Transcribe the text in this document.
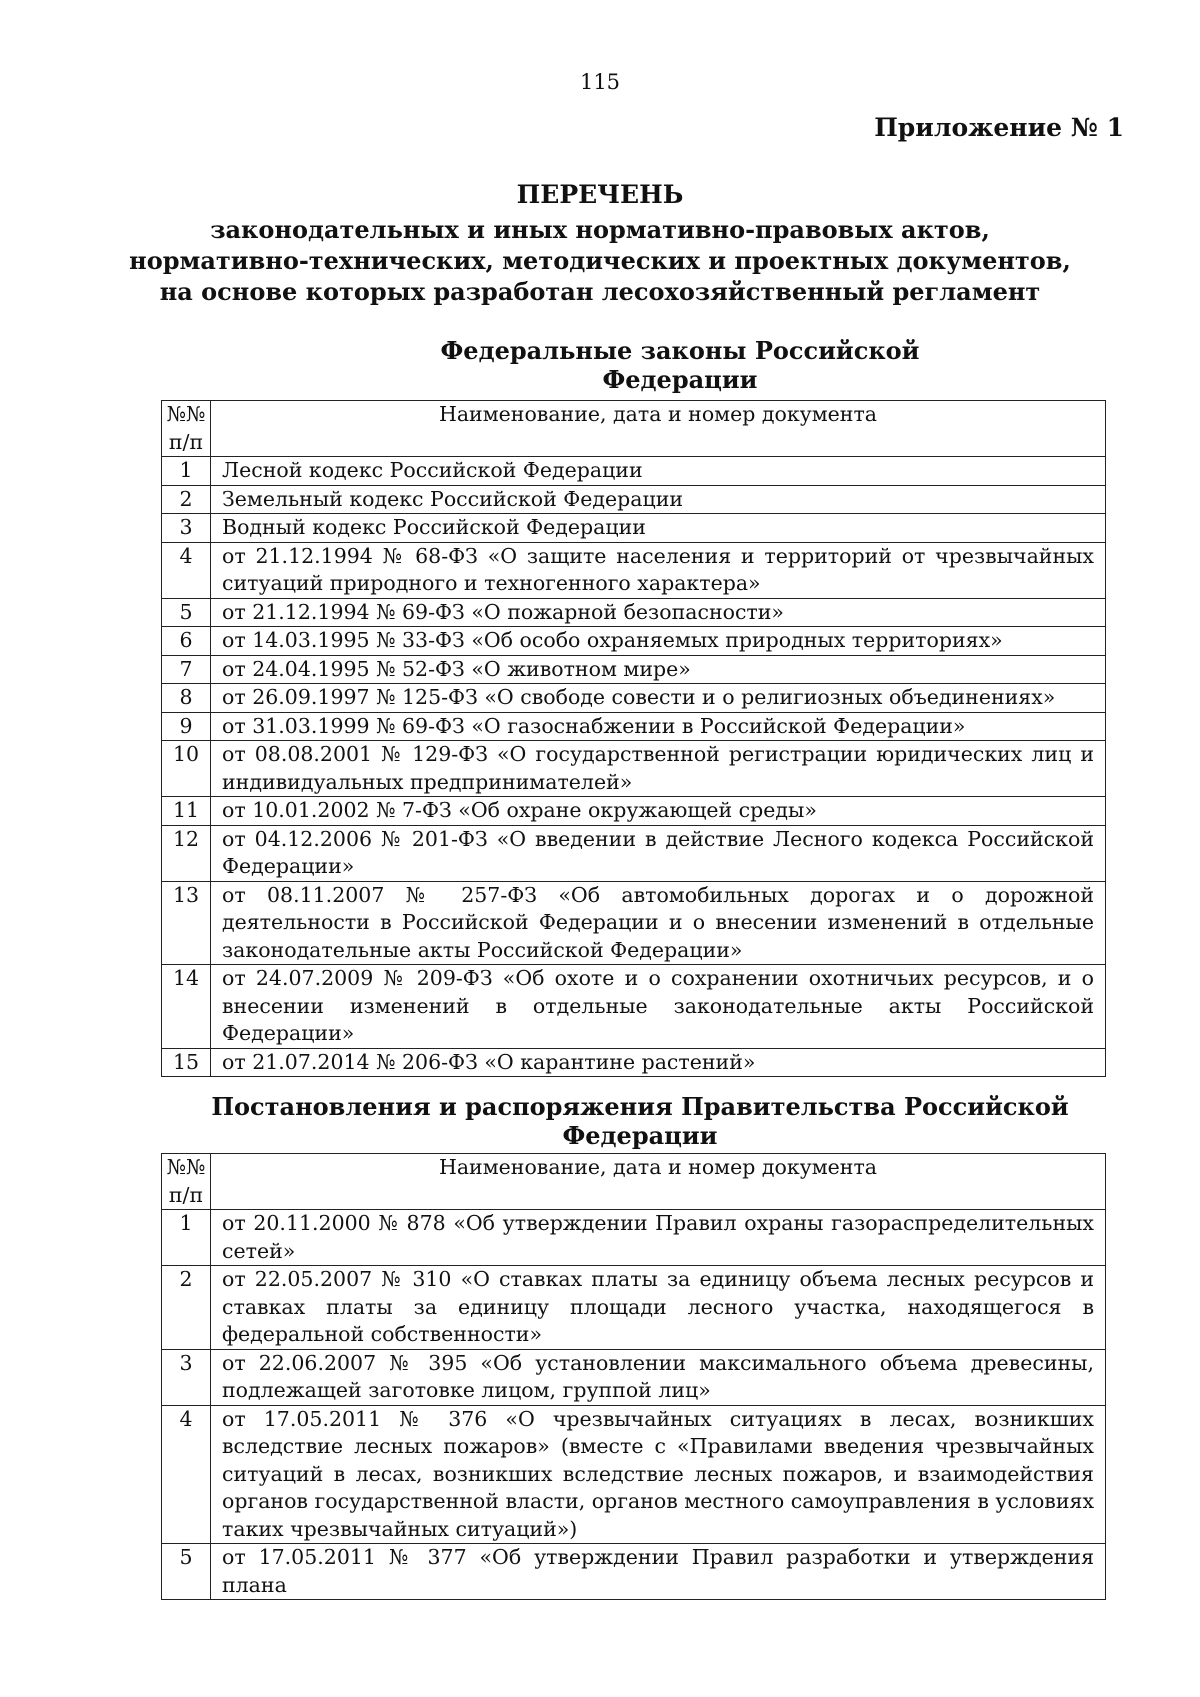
115
Приложение № 1
ПЕРЕЧЕНЬ
законодательных и иных нормативно-правовых актов,
нормативно-технических, методических и проектных документов,
на основе которых разработан лесохозяйственный регламент
Федеральные законы Российской Федерации
№№ п/п	Наименование, дата и номер документа
1	Лесной кодекс Российской Федерации
2	Земельный кодекс Российской Федерации
3	Водный кодекс Российской Федерации
4	от 21.12.1994 № 68-ФЗ «О защите населения и территорий от чрезвычайных ситуаций природного и техногенного характера»
5	от 21.12.1994 № 69-ФЗ «О пожарной безопасности»
6	от 14.03.1995 № 33-ФЗ «Об особо охраняемых природных территориях»
7	от 24.04.1995 № 52-ФЗ «О животном мире»
8	от 26.09.1997 № 125-ФЗ «О свободе совести и о религиозных объединениях»
9	от 31.03.1999 № 69-ФЗ «О газоснабжении в Российской Федерации»
10	от 08.08.2001 № 129-ФЗ «О государственной регистрации юридических лиц и индивидуальных предпринимателей»
11	от 10.01.2002 № 7-ФЗ «Об охране окружающей среды»
12	от 04.12.2006 № 201-ФЗ «О введении в действие Лесного кодекса Российской Федерации»
13	от 08.11.2007 № 257-ФЗ «Об автомобильных дорогах и о дорожной деятельности в Российской Федерации и о внесении изменений в отдельные законодательные акты Российской Федерации»
14	от 24.07.2009 № 209-ФЗ «Об охоте и о сохранении охотничьих ресурсов, и о внесении изменений в отдельные законодательные акты Российской Федерации»
15	от 21.07.2014 № 206-ФЗ «О карантине растений»
Постановления и распоряжения Правительства Российской Федерации
№№ п/п	Наименование, дата и номер документа
1	от 20.11.2000 № 878 «Об утверждении Правил охраны газораспределительных сетей»
2	от 22.05.2007 № 310 «О ставках платы за единицу объема лесных ресурсов и ставках платы за единицу площади лесного участка, находящегося в федеральной собственности»
3	от 22.06.2007 № 395 «Об установлении максимального объема древесины, подлежащей заготовке лицом, группой лиц»
4	от 17.05.2011 № 376 «О чрезвычайных ситуациях в лесах, возникших вследствие лесных пожаров» (вместе с «Правилами введения чрезвычайных ситуаций в лесах, возникших вследствие лесных пожаров, и взаимодействия органов государственной власти, органов местного самоуправления в условиях таких чрезвычайных ситуаций»)
5	от 17.05.2011 № 377 «Об утверждении Правил разработки и утверждения плана
